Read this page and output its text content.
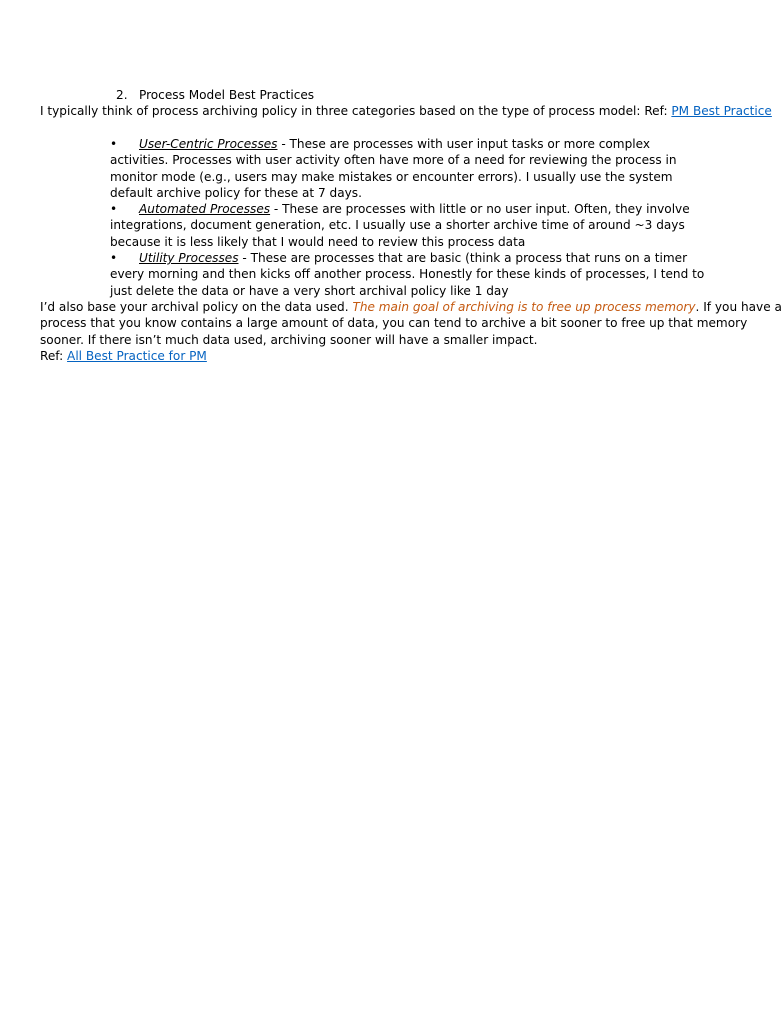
2. Process Model Best Practices
I typically think of process archiving policy in three categories based on the type of process model: Ref: PM Best Practice
•	User-Centric Processes - These are processes with user input tasks or more complex
activities. Processes with user activity often have more of a need for reviewing the process in
monitor mode (e.g., users may make mistakes or encounter errors). I usually use the system
default archive policy for these at 7 days.
•	Automated Processes - These are processes with little or no user input. Often, they involve
integrations, document generation, etc. I usually use a shorter archive time of around ~3 days
because it is less likely that I would need to review this process data
•	Utility Processes - These are processes that are basic (think a process that runs on a timer
every morning and then kicks off another process. Honestly for these kinds of processes, I tend to
just delete the data or have a very short archival policy like 1 day
I’d also base your archival policy on the data used. The main goal of archiving is to free up process memory. If you have a
process that you know contains a large amount of data, you can tend to archive a bit sooner to free up that memory
sooner. If there isn’t much data used, archiving sooner will have a smaller impact.
Ref: All Best Practice for PM
